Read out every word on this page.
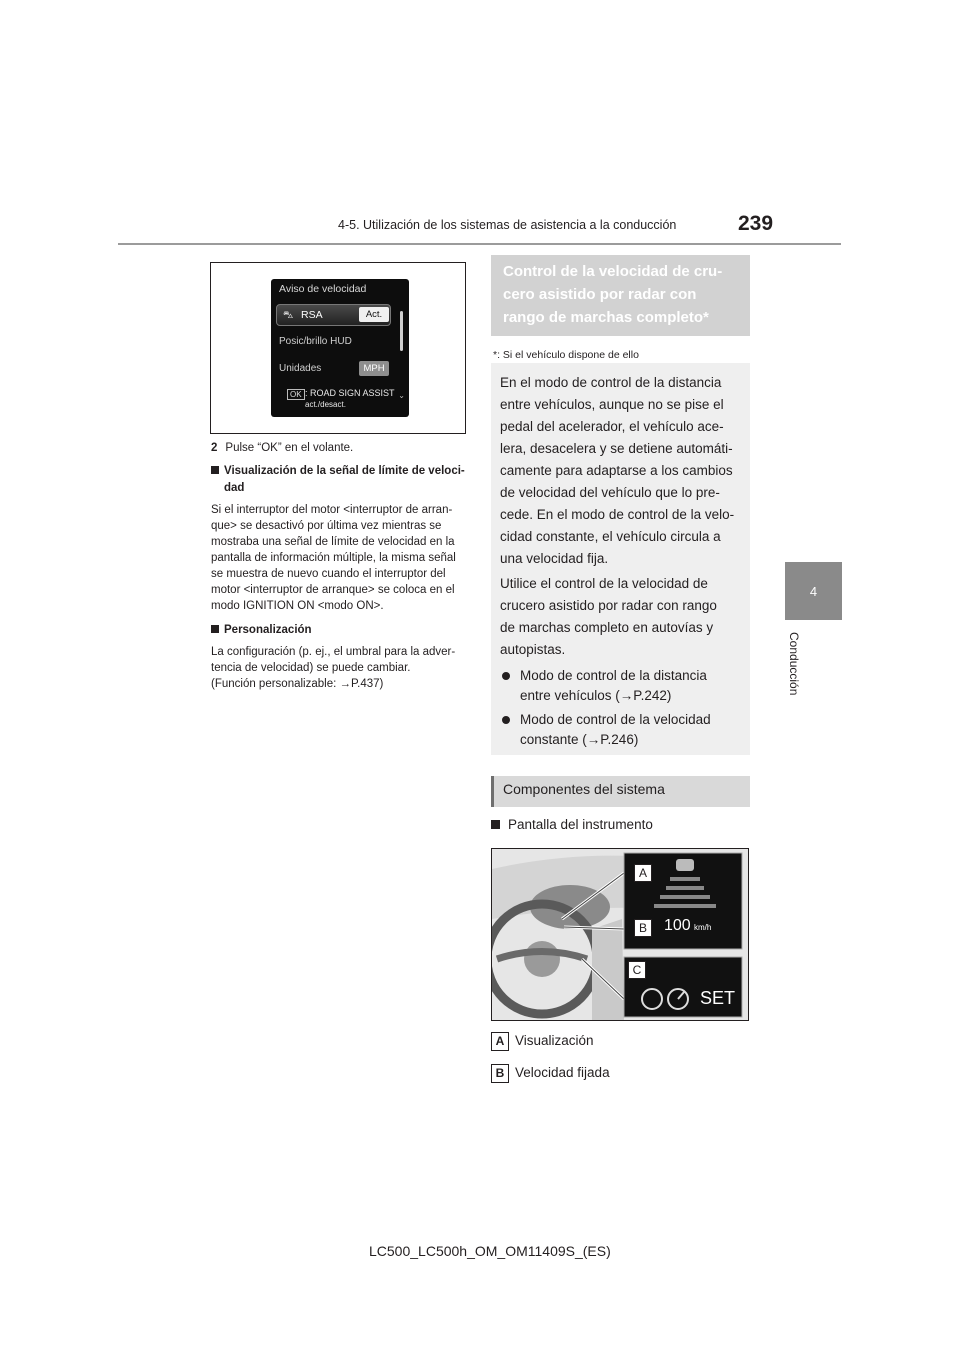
4-5. Utilización de los sistemas de asistencia a la conducción	239
4
Conducción
Aviso de velocidad
⛍ RSA	Act.
Posic/brillo HUD
Unidades	MPH
OK : ROAD SIGN ASSIST
act./desact.
⌄
2 Pulse “OK” en el volante.
Visualización de la señal de límite de veloci-
dad
Si el interruptor del motor <interruptor de arran-
que> se desactivó por última vez mientras se
mostraba una señal de límite de velocidad en la
pantalla de información múltiple, la misma señal
se muestra de nuevo cuando el interruptor del
motor <interruptor de arranque> se coloca en el
modo IGNITION ON <modo ON>.
Personalización
La configuración (p. ej., el umbral para la adver-
tencia de velocidad) se puede cambiar.
(Función personalizable: →P.437)
Control de la velocidad de cru-
cero asistido por radar con
rango de marchas completo*
*: Si el vehículo dispone de ello
En el modo de control de la distancia
entre vehículos, aunque no se pise el
pedal del acelerador, el vehículo ace-
lera, desacelera y se detiene automáti-
camente para adaptarse a los cambios
de velocidad del vehículo que lo pre-
cede. En el modo de control de la velo-
cidad constante, el vehículo circula a
una velocidad fija.
Utilice el control de la velocidad de
crucero asistido por radar con rango
de marchas completo en autovías y
autopistas.
Modo de control de la distancia
entre vehículos (→P.242)
Modo de control de la velocidad
constante (→P.246)
Componentes del sistema
Pantalla del instrumento
A
B
C
100 km/h
SET
A Visualización
B Velocidad fijada
LC500_LC500h_OM_OM11409S_(ES)
